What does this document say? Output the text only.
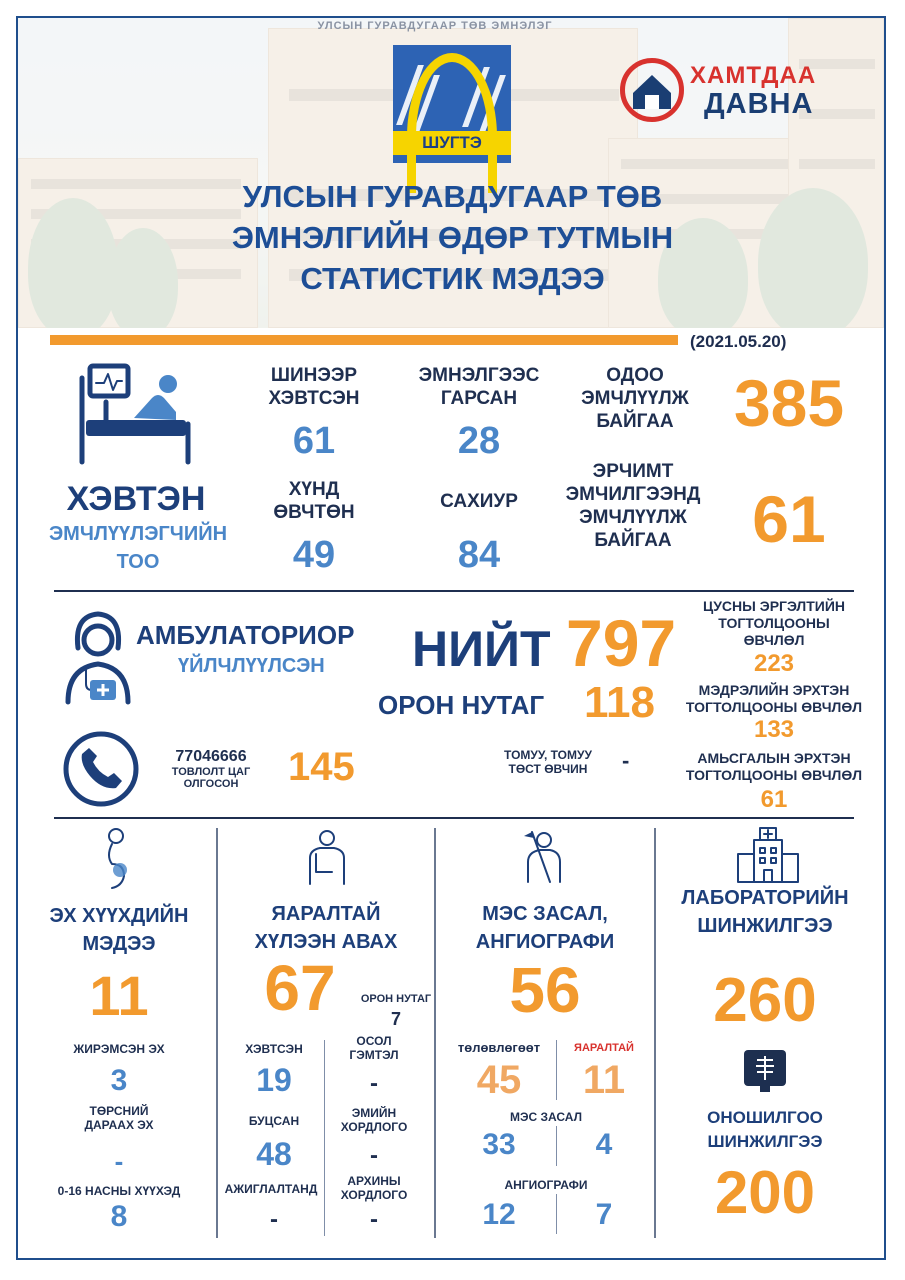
УЛСЫН ГУРАВДУГААР ТӨВ ЭМНЭЛЭГ
ШУГТЭ
ХАМТДАА
ДАВНА
УЛСЫН ГУРАВДУГААР ТӨВ
ЭМНЭЛГИЙН ӨДӨР ТУТМЫН
СТАТИСТИК МЭДЭЭ
(2021.05.20)
ХЭВТЭН
ЭМЧЛҮҮЛЭГЧИЙН
ТОО
ШИНЭЭР
ХЭВТСЭН
61
ЭМНЭЛГЭЭС
ГАРСАН
28
ОДОО
ЭМЧЛҮҮЛЖ
БАЙГАА 385
ХҮНД
ӨВЧТӨН
49
САХИУР
84
ЭРЧИМТ
ЭМЧИЛГЭЭНД
ЭМЧЛҮҮЛЖ
БАЙГАА	61
АМБУЛАТОРИОР
ҮЙЛЧЛҮҮЛСЭН НИЙТ 797
ОРОН НУТАГ 118
77046666
ТОВЛОЛТ ЦАГ
ОЛГОСОН	145	ТОМУУ, ТОМУУ
ТӨСТ ӨВЧИН	-
ЦУСНЫ ЭРГЭЛТИЙН
ТОГТОЛЦООНЫ
ӨВЧЛӨЛ
223
МЭДРЭЛИЙН ЭРХТЭН
ТОГТОЛЦООНЫ ӨВЧЛӨЛ
133
АМЬСГАЛЫН ЭРХТЭН
ТОГТОЛЦООНЫ ӨВЧЛӨЛ
61
ЭХ ХҮҮХДИЙН
МЭДЭЭ
11
ЖИРЭМСЭН ЭХ
3
ТӨРСНИЙ
ДАРААХ ЭХ
-
0-16 НАСНЫ ХҮҮХЭД
8
ЯАРАЛТАЙ
ХҮЛЭЭН АВАХ
67	ОРОН НУТАГ
7
ХЭВТСЭН
19
ОСОЛ
ГЭМТЭЛ
-
БУЦСАН
48
ЭМИЙН
ХОРДЛОГО
-
АЖИГЛАЛТАНД
-
АРХИНЫ
ХОРДЛОГО
-
МЭС ЗАСАЛ,
АНГИОГРАФИ
56
төлөвлөгөөт
45
ЯАРАЛТАЙ
11
МЭС ЗАСАЛ
33	4
АНГИОГРАФИ
12	7
ЛАБОРАТОРИЙН
ШИНЖИЛГЭЭ
260
ОНОШИЛГОО
ШИНЖИЛГЭЭ
200
